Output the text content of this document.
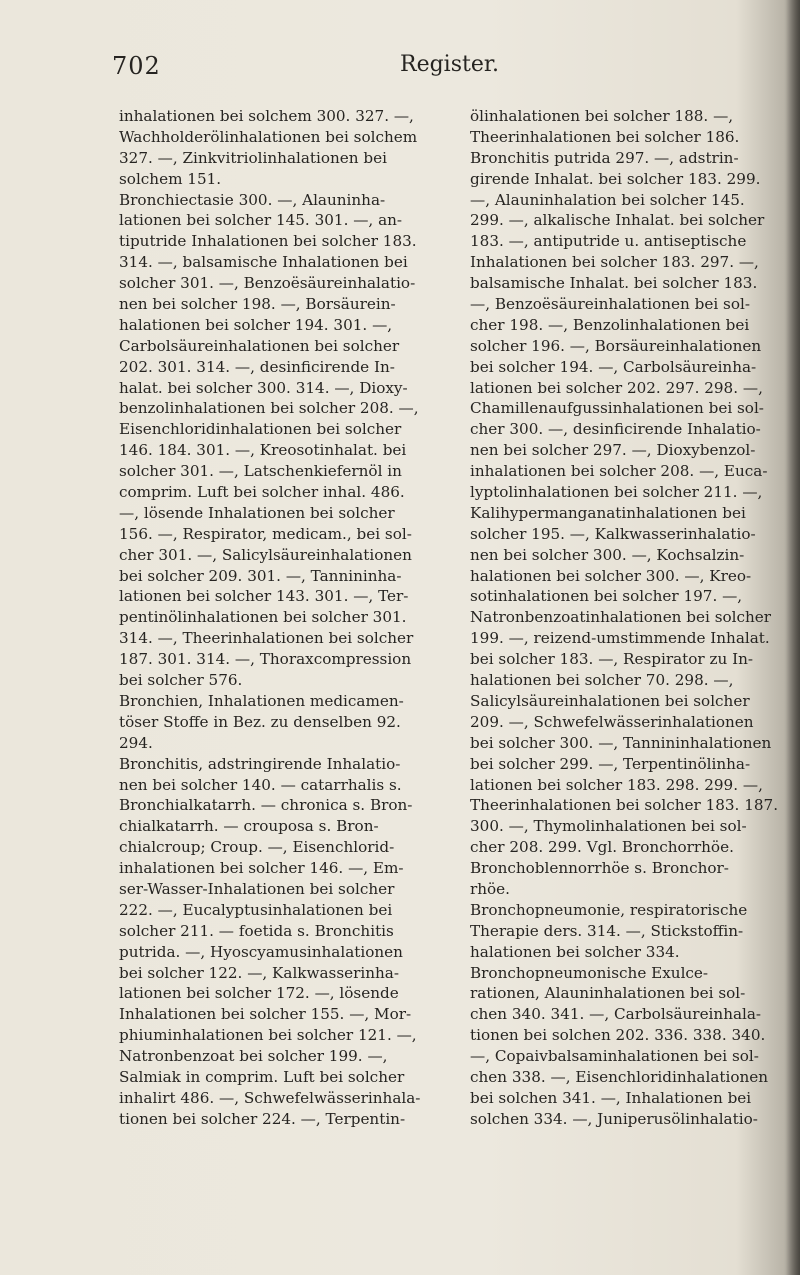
702	Register.
inhalationen bei solchem 300. 327. —,
Wachholderölinhalationen bei solchem
327. —, Zinkvitriolinhalationen bei
solchem 151.
Bronchiectasie 300. —, Alauninha-
lationen bei solcher 145. 301. —, an-
tiputride Inhalationen bei solcher 183.
314. —, balsamische Inhalationen bei
solcher 301. —, Benzoësäureinhalatio-
nen bei solcher 198. —, Borsäurein-
halationen bei solcher 194. 301. —,
Carbolsäureinhalationen bei solcher
202. 301. 314. —, desinficirende In-
halat. bei solcher 300. 314. —, Dioxy-
benzolinhalationen bei solcher 208. —,
Eisenchloridinhalationen bei solcher
146. 184. 301. —, Kreosotinhalat. bei
solcher 301. —, Latschenkiefernöl in
comprim. Luft bei solcher inhal. 486.
—, lösende Inhalationen bei solcher
156. —, Respirator, medicam., bei sol-
cher 301. —, Salicylsäureinhalationen
bei solcher 209. 301. —, Tannininha-
lationen bei solcher 143. 301. —, Ter-
pentinölinhalationen bei solcher 301.
314. —, Theerinhalationen bei solcher
187. 301. 314. —, Thoraxcompression
bei solcher 576.
Bronchien, Inhalationen medicamen-
töser Stoffe in Bez. zu denselben 92.
294.
Bronchitis, adstringirende Inhalatio-
nen bei solcher 140. — catarrhalis s.
Bronchialkatarrh. — chronica s. Bron-
chialkatarrh. — crouposa s. Bron-
chialcroup; Croup. —, Eisenchlorid-
inhalationen bei solcher 146. —, Em-
ser-Wasser-Inhalationen bei solcher
222. —, Eucalyptusinhalationen bei
solcher 211. — foetida s. Bronchitis
putrida. —, Hyoscyamusinhalationen
bei solcher 122. —, Kalkwasserinha-
lationen bei solcher 172. —, lösende
Inhalationen bei solcher 155. —, Mor-
phiuminhalationen bei solcher 121. —,
Natronbenzoat bei solcher 199. —,
Salmiak in comprim. Luft bei solcher
inhalirt 486. —, Schwefelwässerinhala-
tionen bei solcher 224. —, Terpentin-
ölinhalationen bei solcher 188. —,
Theerinhalationen bei solcher 186.
Bronchitis putrida 297. —, adstrin-
girende Inhalat. bei solcher 183. 299.
—, Alauninhalation bei solcher 145.
299. —, alkalische Inhalat. bei solcher
183. —, antiputride u. antiseptische
Inhalationen bei solcher 183. 297. —,
balsamische Inhalat. bei solcher 183.
—, Benzoësäureinhalationen bei sol-
cher 198. —, Benzolinhalationen bei
solcher 196. —, Borsäureinhalationen
bei solcher 194. —, Carbolsäureinha-
lationen bei solcher 202. 297. 298. —,
Chamillenaufgussinhalationen bei sol-
cher 300. —, desinficirende Inhalatio-
nen bei solcher 297. —, Dioxybenzol-
inhalationen bei solcher 208. —, Euca-
lyptolinhalationen bei solcher 211. —,
Kalihypermanganatinhalationen bei
solcher 195. —, Kalkwasserinhalatio-
nen bei solcher 300. —, Kochsalzin-
halationen bei solcher 300. —, Kreo-
sotinhalationen bei solcher 197. —,
Natronbenzoatinhalationen bei solcher
199. —, reizend-umstimmende Inhalat.
bei solcher 183. —, Respirator zu In-
halationen bei solcher 70. 298. —,
Salicylsäureinhalationen bei solcher
209. —, Schwefelwässerinhalationen
bei solcher 300. —, Tannininhalationen
bei solcher 299. —, Terpentinölinha-
lationen bei solcher 183. 298. 299. —,
Theerinhalationen bei solcher 183. 187.
300. —, Thymolinhalationen bei sol-
cher 208. 299. Vgl. Bronchorrhöe.
Bronchoblennorrhöe s. Bronchor-
rhöe.
Bronchopneumonie, respiratorische
Therapie ders. 314. —, Stickstoffin-
halationen bei solcher 334.
Bronchopneumonische Exulce-
rationen, Alauninhalationen bei sol-
chen 340. 341. —, Carbolsäureinhala-
tionen bei solchen 202. 336. 338. 340.
—, Copaivbalsaminhalationen bei sol-
chen 338. —, Eisenchloridinhalationen
bei solchen 341. —, Inhalationen bei
solchen 334. —, Juniperusölinhalatio-
